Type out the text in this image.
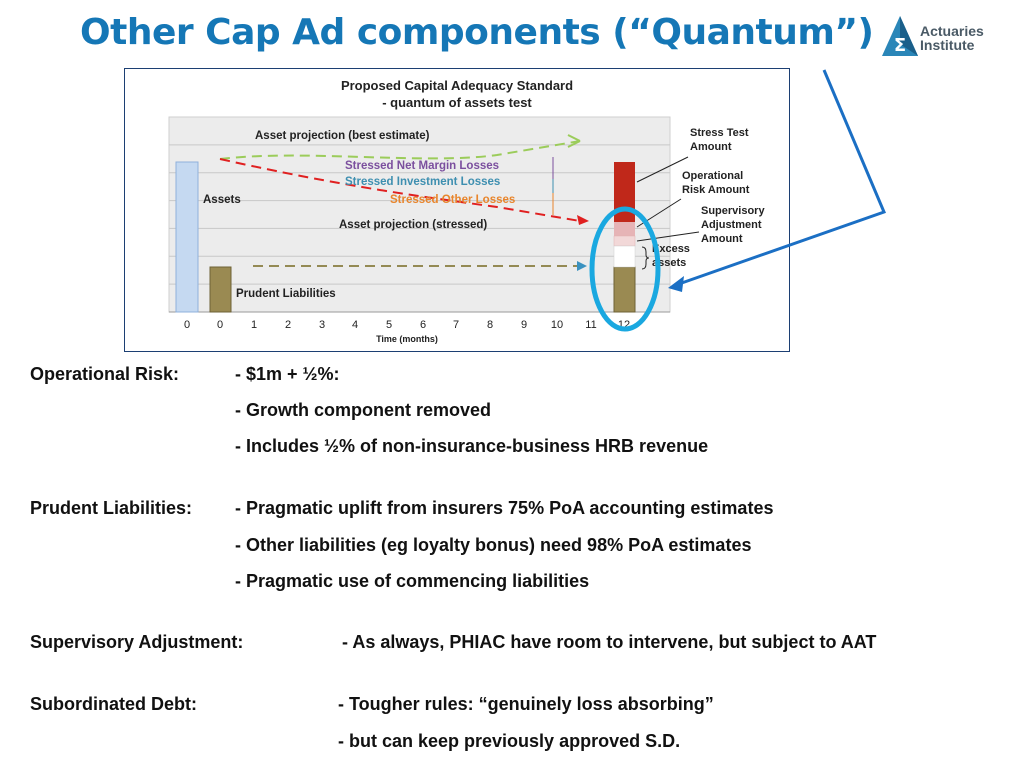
Other Cap Ad components (“Quantum”) Σ
Actuaries
Institute
Proposed Capital Adequacy Standard
- quantum of assets test
0 0	1	2	3 4	5	6 7	8	9 10 11 12
Time (months)
Asset projection (best estimate)
Stressed Net Margin Losses
Stressed Investment Losses
Stressed Other Losses
Asset projection (stressed)
Assets
Prudent Liabilities
Stress Test
Amount
Operational
Risk Amount
Supervisory
Adjustment
Amount
Excess
assets
Operational Risk:	- $1m + ½%:
- Growth component removed
- Includes ½% of non-insurance-business HRB revenue
Prudent Liabilities: - Pragmatic uplift from insurers 75% PoA accounting estimates
- Other liabilities (eg loyalty bonus) need 98% PoA estimates
- Pragmatic use of commencing liabilities
Supervisory Adjustment:	- As always, PHIAC have room to intervene, but subject to AAT
Subordinated Debt:	- Tougher rules: “genuinely loss absorbing”
- but can keep previously approved S.D.
